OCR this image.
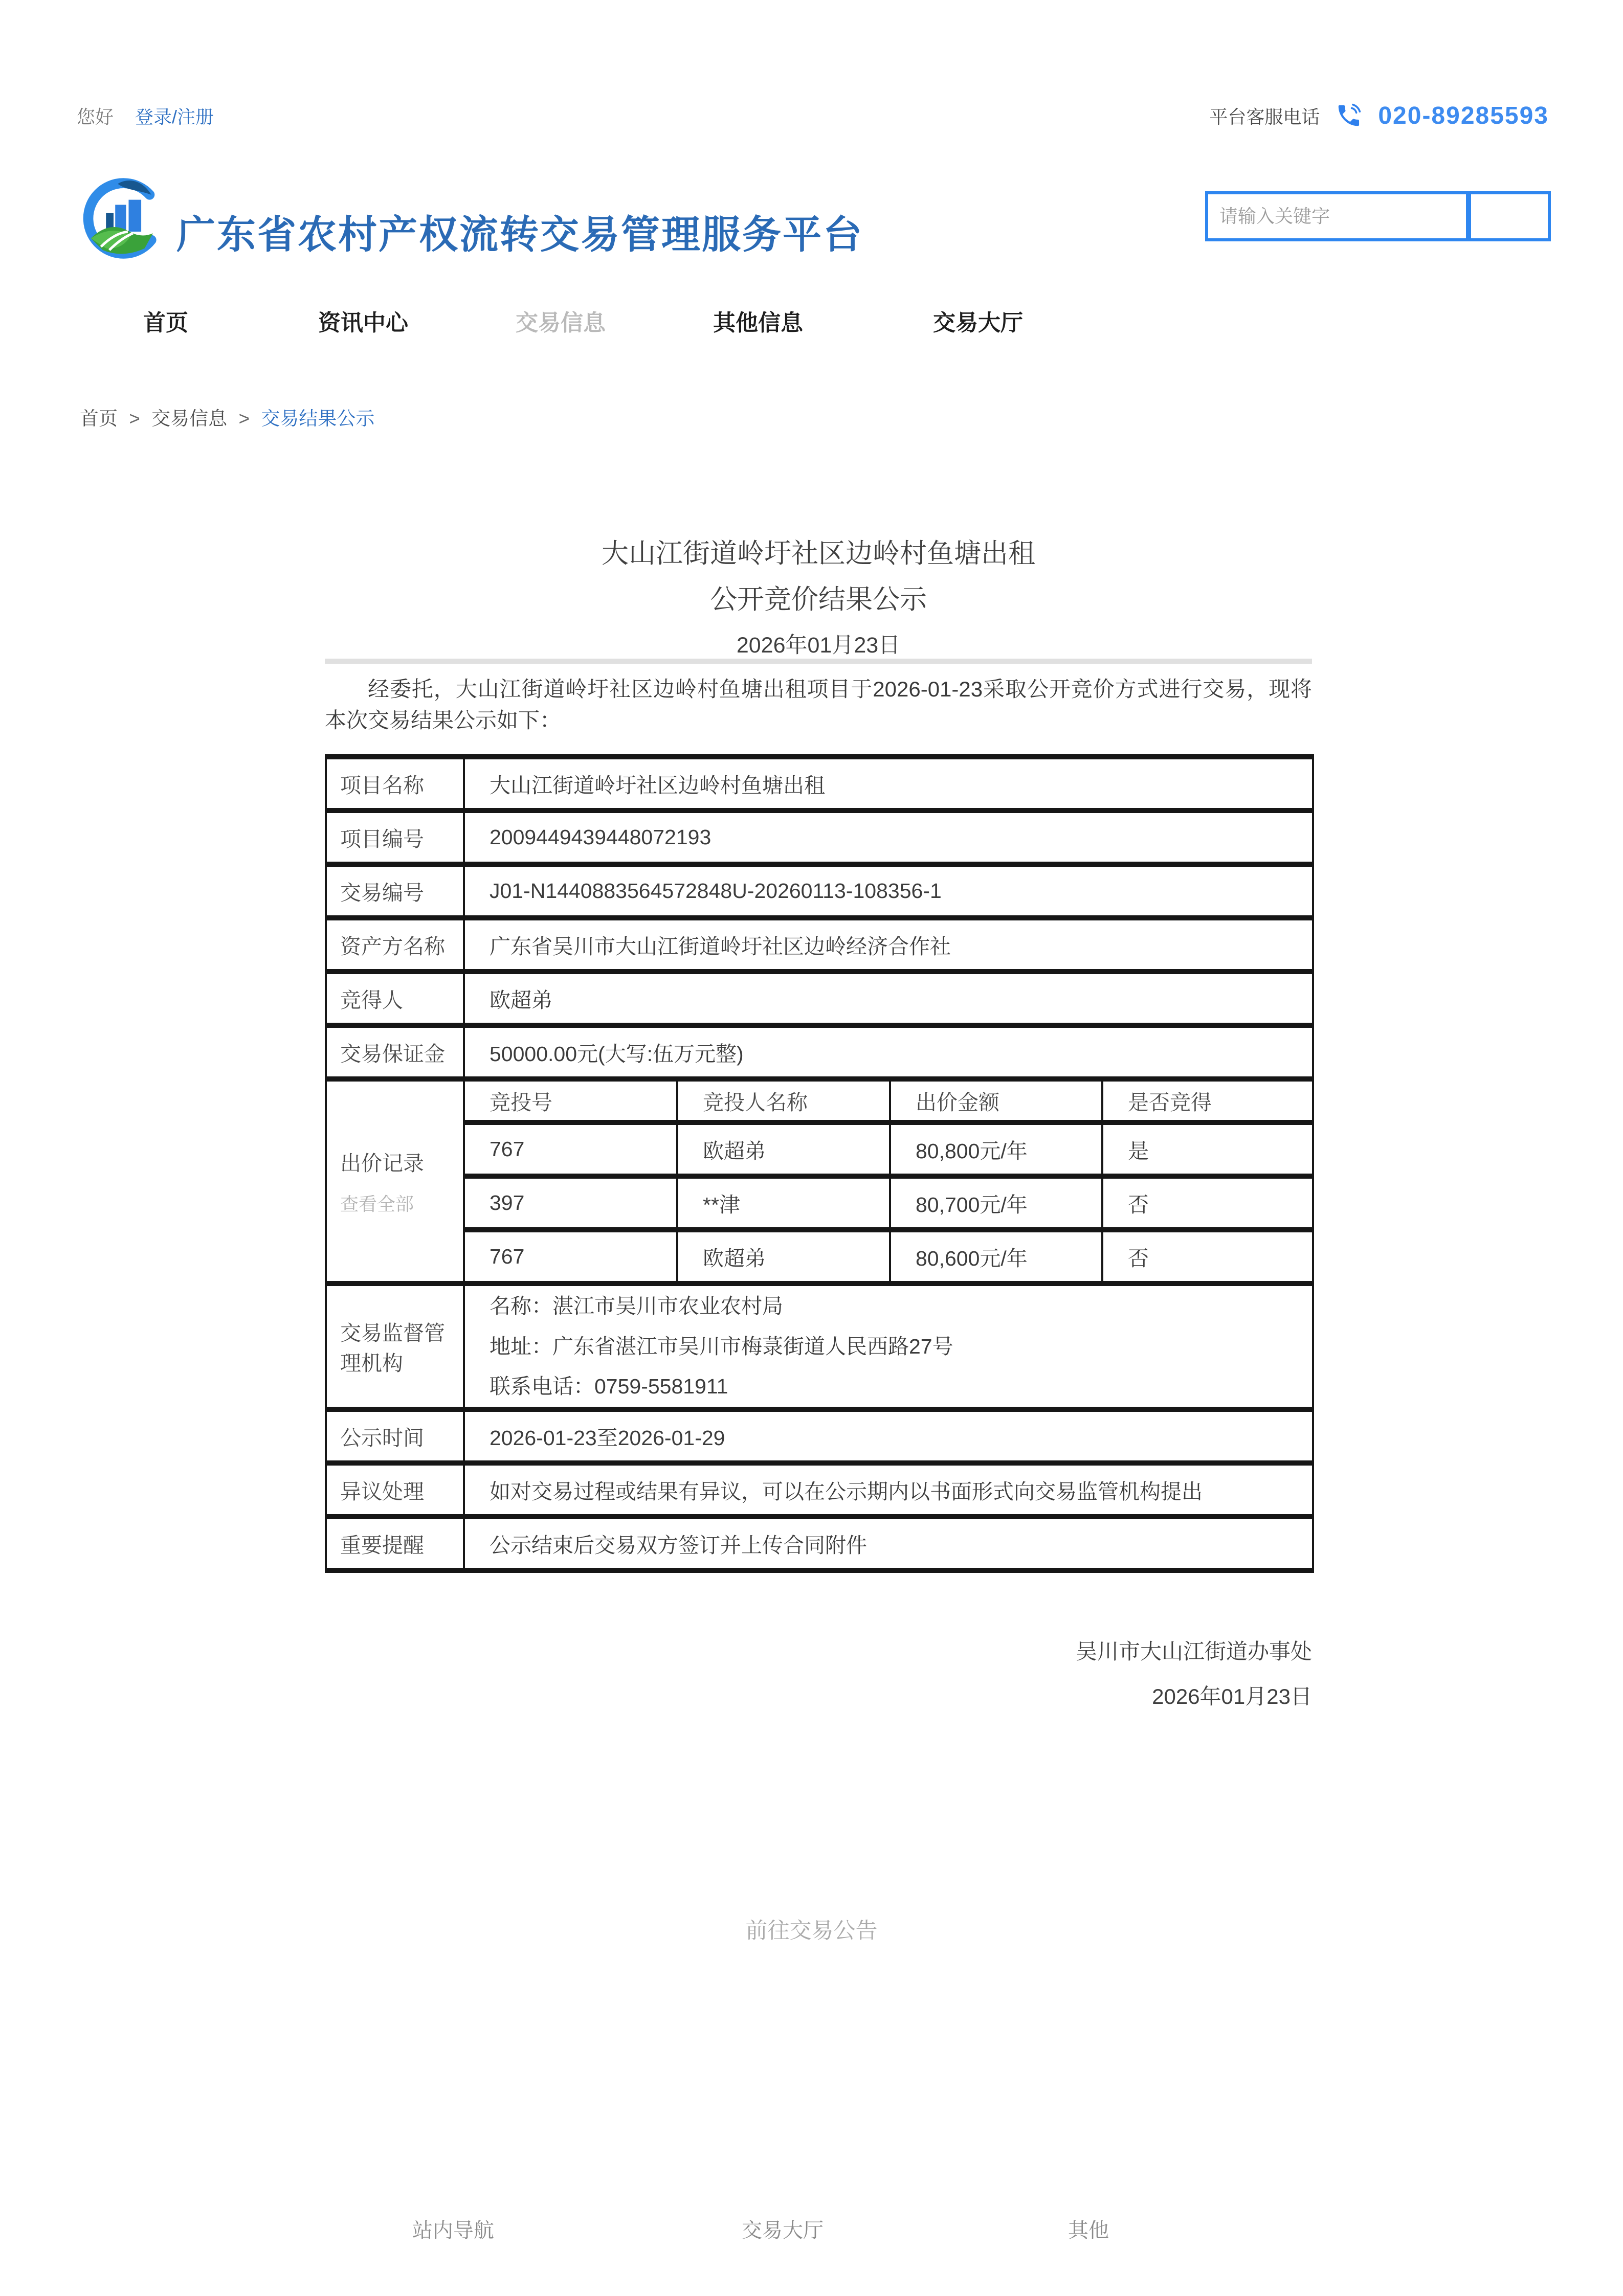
您好 登录/注册	平台客服电话 020-89285593
广东省农村产权流转交易管理服务平台
请输入关键字
首页	资讯中心	交易信息	其他信息	交易大厅
首页 > 交易信息 > 交易结果公示
大山江街道岭圩社区边岭村鱼塘出租
公开竞价结果公示
2026年01月23日
经委托，大山江街道岭圩社区边岭村鱼塘出租项目于2026-01-23采取公开竞价方式进行交易，现将本次交易结果公示如下：
项目名称	大山江街道岭圩社区边岭村鱼塘出租			
项目编号	2009449439448072193			
交易编号	J01-N1440883564572848U-20260113-108356-1			
资产方名称	广东省吴川市大山江街道岭圩社区边岭经济合作社			
竞得人	欧超弟			
交易保证金	50000.00元(大写:伍万元整)			

出价记录
查看全部	竞投号	竞投人名称	出价金额	是否竞得
	767	欧超弟	80,800元/年	是
	397	**津	80,700元/年	否
	767	欧超弟	80,600元/年	否
交易监督管理机构	名称：湛江市吴川市农业农村局
地址：广东省湛江市吴川市梅菉街道人民西路27号
联系电话：0759-5581911			

公示时间	2026-01-23至2026-01-29			
异议处理	如对交易过程或结果有异议，可以在公示期内以书面形式向交易监管机构提出			
重要提醒	公示结束后交易双方签订并上传合同附件			
吴川市大山江街道办事处
2026年01月23日
前往交易公告
站内导航	交易大厅	其他
